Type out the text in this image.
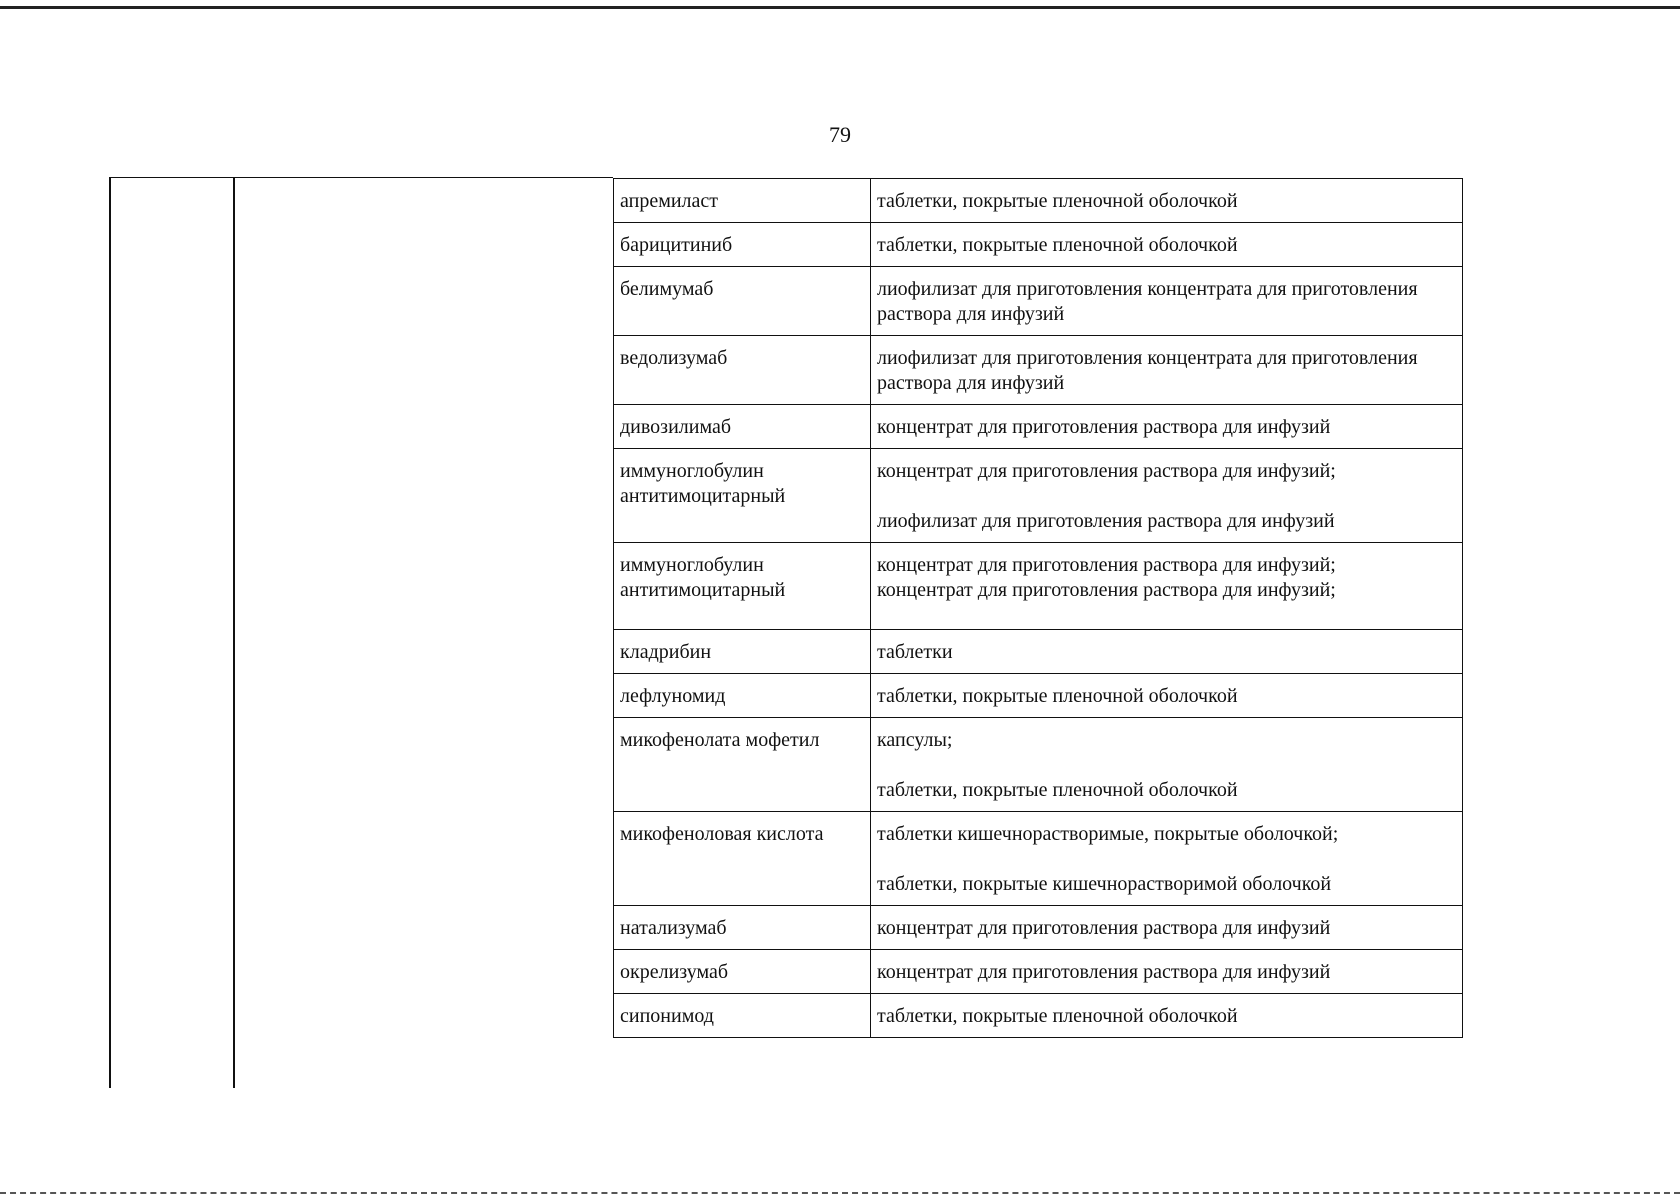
79
апремиласт	таблетки, покрытые пленочной оболочкой

барицитиниб	таблетки, покрытые пленочной оболочкой

белимумаб	лиофилизат для приготовления концентрата для приготовления раствора для инфузий

ведолизумаб	лиофилизат для приготовления концентрата для приготовления раствора для инфузий

дивозилимаб	концентрат для приготовления раствора для инфузий

иммуноглобулин антитимоцитарный	концентрат для приготовления раствора для инфузий;
лиофилизат для приготовления раствора для инфузий

иммуноглобулин антитимоцитарный	концентрат для приготовления раствора для инфузий;
концентрат для приготовления раствора для инфузий;

кладрибин	таблетки

лефлуномид	таблетки, покрытые пленочной оболочкой

микофенолата мофетил	капсулы;
таблетки, покрытые пленочной оболочкой

микофеноловая кислота	таблетки кишечнорастворимые, покрытые оболочкой;
таблетки, покрытые кишечнорастворимой оболочкой

натализумаб	концентрат для приготовления раствора для инфузий

окрелизумаб	концентрат для приготовления раствора для инфузий

сипонимод	таблетки, покрытые пленочной оболочкой
